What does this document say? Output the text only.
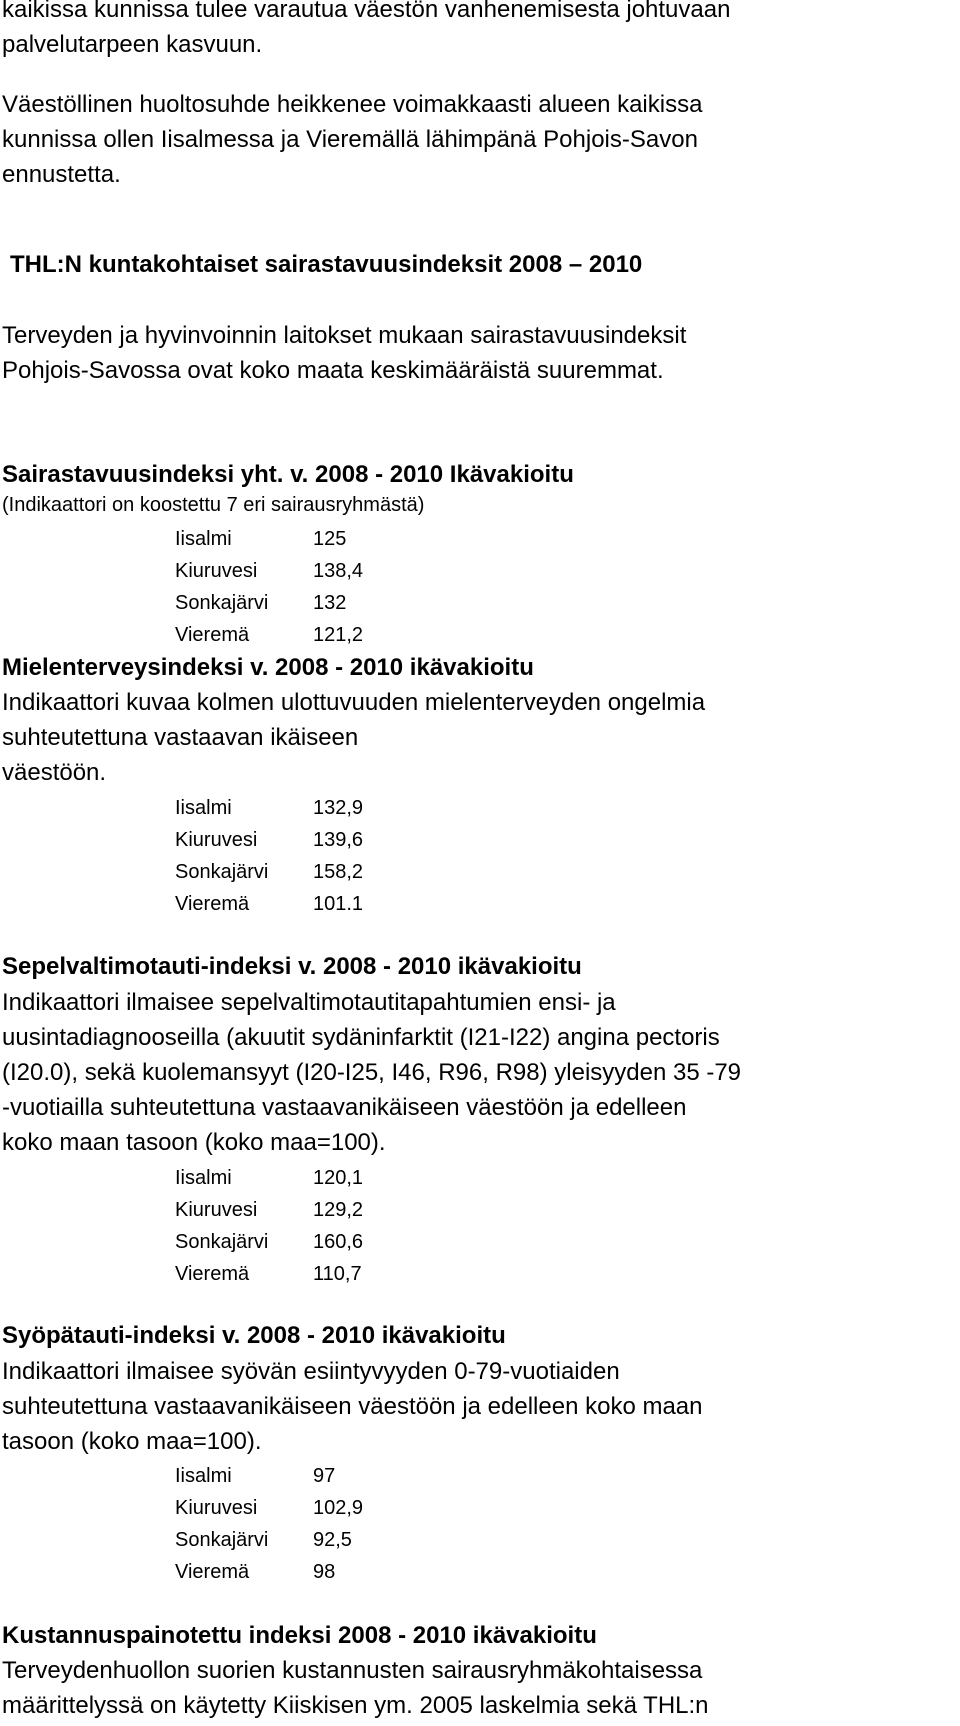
kaikissa kunnissa tulee varautua väestön vanhenemisesta johtuvaan
palvelutarpeen kasvuun.

Väestöllinen huoltosuhde heikkenee voimakkaasti alueen kaikissa
kunnissa ollen Iisalmessa ja Vieremällä lähimpänä Pohjois-Savon
ennustetta.

THL:N kuntakohtaiset sairastavuusindeksit 2008 – 2010

Terveyden ja hyvinvoinnin laitokset mukaan sairastavuusindeksit
Pohjois-Savossa ovat koko maata keskimääräistä suuremmat.

Sairastavuusindeksi yht. v. 2008 - 2010 Ikävakioitu

(Indikaattori on koostettu 7 eri sairausryhmästä)

Iisalmi	125
Kiuruvesi	138,4
Sonkajärvi	132
Vieremä	121,2
Mielenterveysindeksi v. 2008 - 2010 ikävakioitu

Indikaattori kuvaa kolmen ulottuvuuden mielenterveyden ongelmia
suhteutettuna vastaavan ikäiseen
väestöön.

Iisalmi	132,9
Kiuruvesi	139,6
Sonkajärvi	158,2
Vieremä	101.1
Sepelvaltimotauti-indeksi v. 2008 - 2010 ikävakioitu

Indikaattori ilmaisee sepelvaltimotautitapahtumien ensi- ja
uusintadiagnooseilla (akuutit sydäninfarktit (I21-I22) angina pectoris
(I20.0), sekä kuolemansyyt (I20-I25, I46, R96, R98) yleisyyden 35 -79
-vuotiailla suhteutettuna vastaavanikäiseen väestöön ja edelleen
koko maan tasoon (koko maa=100).

Iisalmi	120,1
Kiuruvesi	129,2
Sonkajärvi	160,6
Vieremä	110,7
Syöpätauti-indeksi v. 2008 - 2010 ikävakioitu

Indikaattori ilmaisee syövän esiintyvyyden 0-79-vuotiaiden
suhteutettuna vastaavanikäiseen väestöön ja edelleen koko maan
tasoon (koko maa=100).

Iisalmi	97
Kiuruvesi	102,9
Sonkajärvi	92,5
Vieremä	98
Kustannuspainotettu indeksi 2008 - 2010 ikävakioitu

Terveydenhuollon suorien kustannusten sairausryhmäkohtaisessa
määrittelyssä on käytetty Kiiskisen ym. 2005 laskelmia sekä THL:n
